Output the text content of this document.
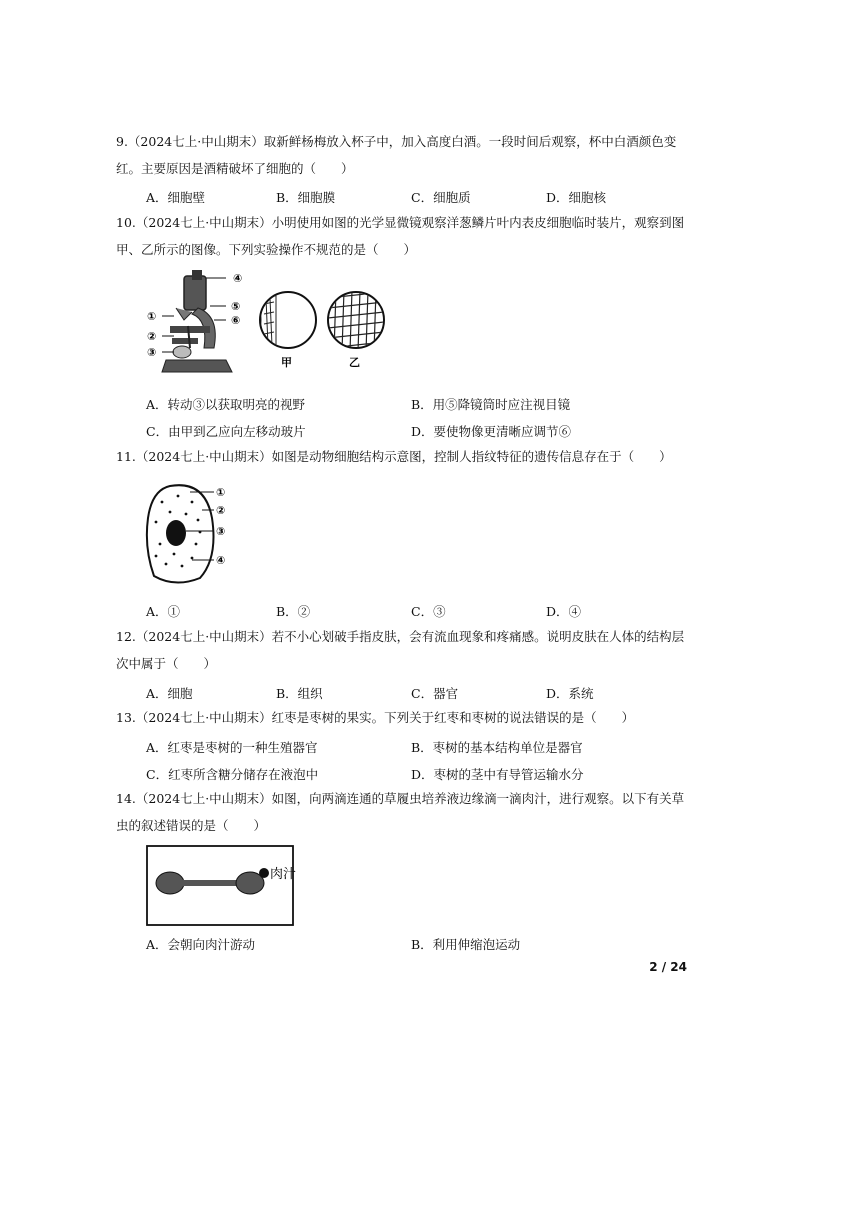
9.（2024七上·中山期末）取新鲜杨梅放入杯子中，加入高度白酒。一段时间后观察，杯中白酒颜色变红。主要原因是酒精破坏了细胞的（　　）
A．细胞壁	B．细胞膜	C．细胞质	D．细胞核
10.（2024七上·中山期末）小明使用如图的光学显微镜观察洋葱鳞片叶内表皮细胞临时装片，观察到图甲、乙所示的图像。下列实验操作不规范的是（　　）
④
⑤
⑥
①
②
③
甲	乙
A．转动③以获取明亮的视野	B．用⑤降镜筒时应注视目镜
C．由甲到乙应向左移动玻片	D．要使物像更清晰应调节⑥
11.（2024七上·中山期末）如图是动物细胞结构示意图，控制人指纹特征的遗传信息存在于（　　）
①
②
③
④
A．①	B．②	C．③	D．④
12.（2024七上·中山期末）若不小心划破手指皮肤，会有流血现象和疼痛感。说明皮肤在人体的结构层次中属于（　　）
A．细胞	B．组织	C．器官	D．系统
13.（2024七上·中山期末）红枣是枣树的果实。下列关于红枣和枣树的说法错误的是（　　）
A．红枣是枣树的一种生殖器官	B．枣树的基本结构单位是器官
C．红枣所含糖分储存在液泡中	D．枣树的茎中有导管运输水分
14.（2024七上·中山期末）如图，向两滴连通的草履虫培养液边缘滴一滴肉汁，进行观察。以下有关草虫的叙述错误的是（　　）
肉汁
A．会朝向肉汁游动	B．利用伸缩泡运动
2 / 24
